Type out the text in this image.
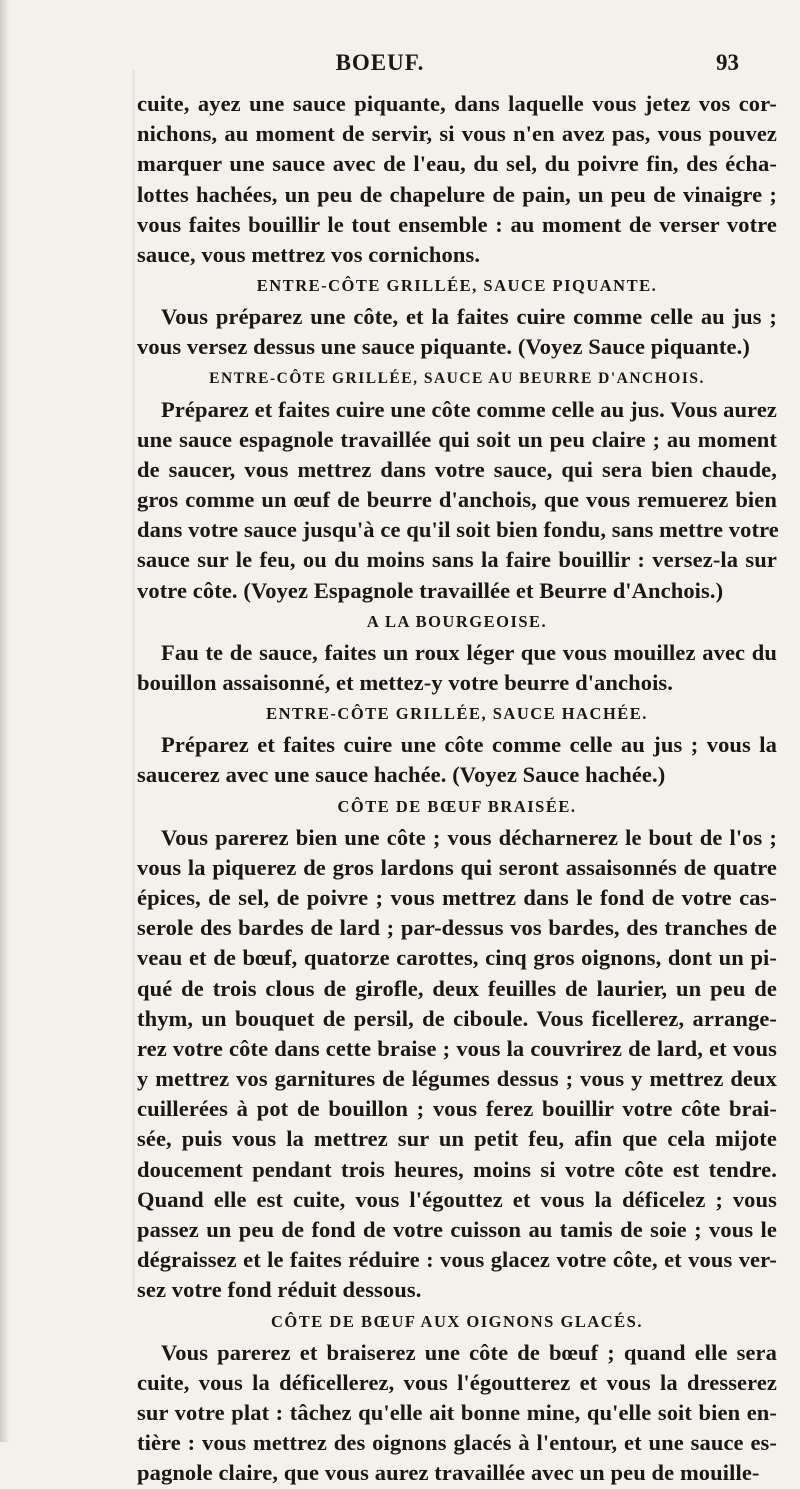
BOEUF.	93
cuite, ayez une sauce piquante, dans laquelle vous jetez vos cor-
nichons, au moment de servir, si vous n'en avez pas, vous pouvez
marquer une sauce avec de l'eau, du sel, du poivre fin, des écha-
lottes hachées, un peu de chapelure de pain, un peu de vinaigre ;
vous faites bouillir le tout ensemble : au moment de verser votre
sauce, vous mettrez vos cornichons.
ENTRE-CÔTE GRILLÉE, SAUCE PIQUANTE.
Vous préparez une côte, et la faites cuire comme celle au jus ;
vous versez dessus une sauce piquante. (Voyez Sauce piquante.)
ENTRE-CÔTE GRILLÉE, SAUCE AU BEURRE D'ANCHOIS.
Préparez et faites cuire une côte comme celle au jus. Vous aurez
une sauce espagnole travaillée qui soit un peu claire ; au moment
de saucer, vous mettrez dans votre sauce, qui sera bien chaude,
gros comme un œuf de beurre d'anchois, que vous remuerez bien
dans votre sauce jusqu'à ce qu'il soit bien fondu, sans mettre votre
sauce sur le feu, ou du moins sans la faire bouillir : versez-la sur
votre côte. (Voyez Espagnole travaillée et Beurre d'Anchois.)
A LA BOURGEOISE.
Fau te de sauce, faites un roux léger que vous mouillez avec du
bouillon assaisonné, et mettez-y votre beurre d'anchois.
ENTRE-CÔTE GRILLÉE, SAUCE HACHÉE.
Préparez et faites cuire une côte comme celle au jus ; vous la
saucerez avec une sauce hachée. (Voyez Sauce hachée.)
CÔTE DE BŒUF BRAISÉE.
Vous parerez bien une côte ; vous décharnerez le bout de l'os ;
vous la piquerez de gros lardons qui seront assaisonnés de quatre
épices, de sel, de poivre ; vous mettrez dans le fond de votre cas-
serole des bardes de lard ; par-dessus vos bardes, des tranches de
veau et de bœuf, quatorze carottes, cinq gros oignons, dont un pi-
qué de trois clous de girofle, deux feuilles de laurier, un peu de
thym, un bouquet de persil, de ciboule. Vous ficellerez, arrange-
rez votre côte dans cette braise ; vous la couvrirez de lard, et vous
y mettrez vos garnitures de légumes dessus ; vous y mettrez deux
cuillerées à pot de bouillon ; vous ferez bouillir votre côte brai-
sée, puis vous la mettrez sur un petit feu, afin que cela mijote
doucement pendant trois heures, moins si votre côte est tendre.
Quand elle est cuite, vous l'égouttez et vous la déficelez ; vous
passez un peu de fond de votre cuisson au tamis de soie ; vous le
dégraissez et le faites réduire : vous glacez votre côte, et vous ver-
sez votre fond réduit dessous.
CÔTE DE BŒUF AUX OIGNONS GLACÉS.
Vous parerez et braiserez une côte de bœuf ; quand elle sera
cuite, vous la déficellerez, vous l'égoutterez et vous la dresserez
sur votre plat : tâchez qu'elle ait bonne mine, qu'elle soit bien en-
tière : vous mettrez des oignons glacés à l'entour, et une sauce es-
pagnole claire, que vous aurez travaillée avec un peu de mouille-
